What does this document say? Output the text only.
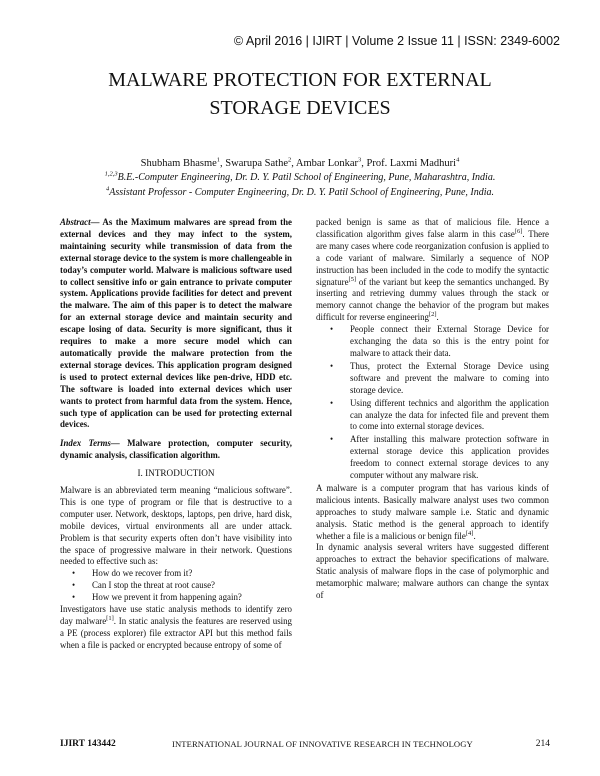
© April 2016 | IJIRT | Volume 2 Issue 11 | ISSN: 2349-6002
MALWARE PROTECTION FOR EXTERNAL
STORAGE DEVICES
Shubham Bhasme$^1$, Swarupa Sathe$^2$, Ambar Lonkar$^3$, Prof. Laxmi Madhuri$^4$
$^{1,2,3}$B.E.-Computer Engineering, Dr. D. Y. Patil School of Engineering, Pune, Maharashtra, India.
$^4$Assistant Professor - Computer Engineering, Dr. D. Y. Patil School of Engineering, Pune, India.

Abstract— As the Maximum malwares are spread from the external devices and they may infect to the system, maintaining security while transmission of data from the external storage device to the system is more challengeable in today’s computer world. Malware is malicious software used to collect sensitive info or gain entrance to private computer system. Applications provide facilities for detect and prevent the malware. The aim of this paper is to detect the malware for an external storage device and maintain security and escape losing of data. Security is more significant, thus it requires to make a more secure model which can automatically provide the malware protection from the external storage devices. This application program designed is used to protect external devices like pen-drive, HDD etc. The software is loaded into external devices which user wants to protect from harmful data from the system. Hence, such type of application can be used for protecting external devices.

Index Terms— Malware protection, computer security, dynamic analysis, classification algorithm.

I. INTRODUCTION

Malware is an abbreviated term meaning “malicious software”. This is one type of program or file that is destructive to a computer user. Network, desktops, laptops, pen drive, hard disk, mobile devices, virtual environments all are under attack. Problem is that security experts often don’t have visibility into the space of progressive malware in their network. Questions needed to effective such as:

• How do we recover from it?
• Can I stop the threat at root cause?
• How we prevent it from happening again?

Investigators have use static analysis methods to identify zero day malware[1]. In static analysis the features are reserved using a PE (process explorer) file extractor API but this method fails when a file is packed or encrypted because entropy of some of

packed benign is same as that of malicious file. Hence a classification algorithm gives false alarm in this case[6]. There are many cases where code reorganization confusion is applied to a code variant of malware. Similarly a sequence of NOP instruction has been included in the code to modify the syntactic signature[5] of the variant but keep the semantics unchanged. By inserting and retrieving dummy values through the stack or memory cannot change the behavior of the program but makes difficult for reverse engineering[2].

• People connect their External Storage Device for exchanging the data so this is the entry point for malware to attack their data.
• Thus, protect the External Storage Device using software and prevent the malware to coming into storage device.
• Using different technics and algorithm the application can analyze the data for infected file and prevent them to come into external storage devices.
• After installing this malware protection software in external storage device this application provides freedom to connect external storage devices to any computer without any malware risk.

A malware is a computer program that has various kinds of malicious intents. Basically malware analyst uses two common approaches to study malware sample i.e. Static and dynamic analysis. Static method is the general approach to identify whether a file is a malicious or benign file[4].

In dynamic analysis several writers have suggested different approaches to extract the behavior specifications of malware. Static analysis of malware flops in the case of polymorphic and metamorphic malware; malware authors can change the syntax of

IJIRT 143442	INTERNATIONAL JOURNAL OF INNOVATIVE RESEARCH IN TECHNOLOGY	214
